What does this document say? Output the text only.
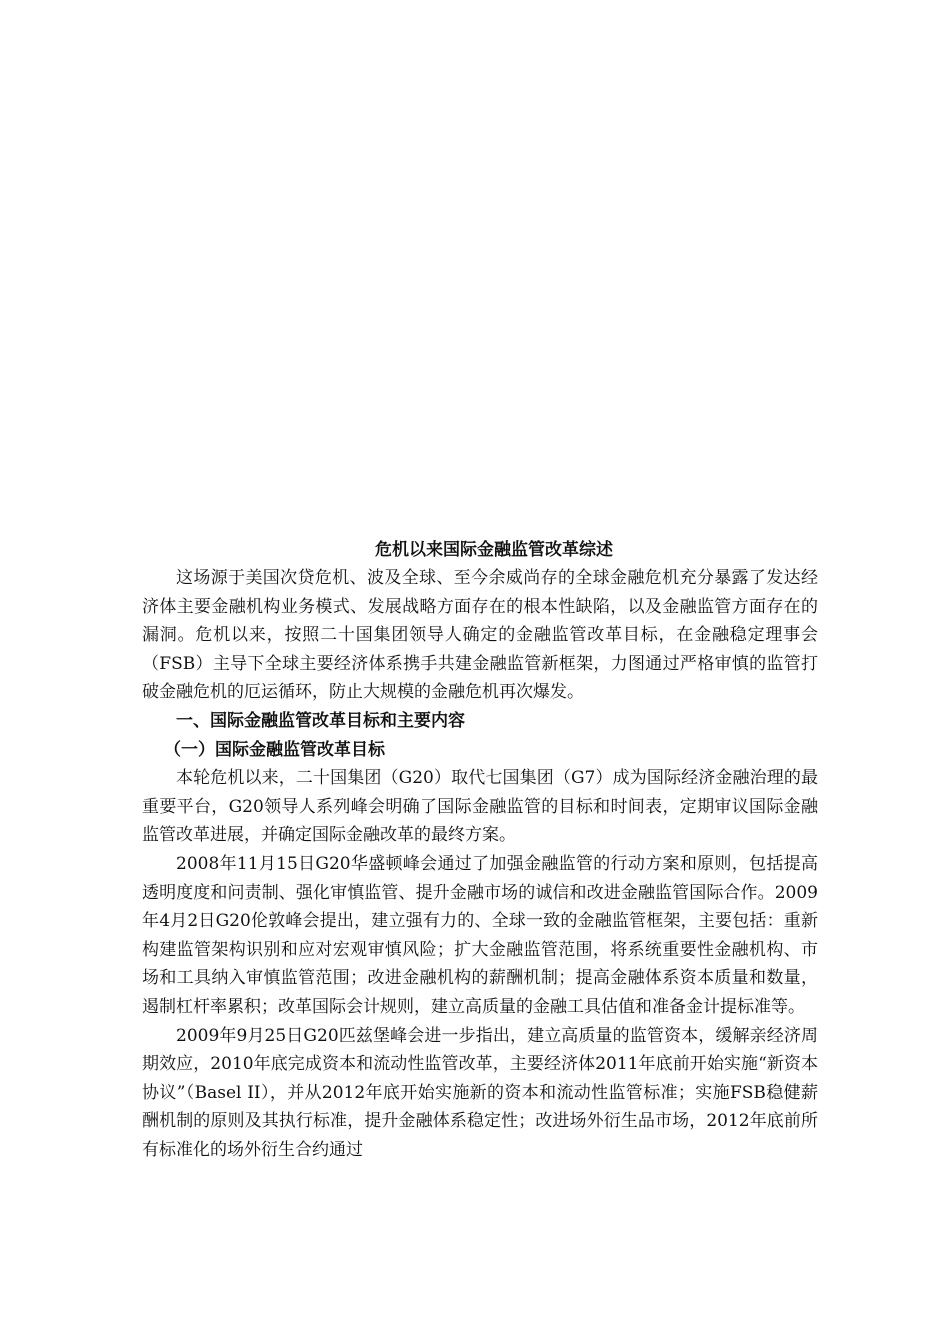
危机以来国际金融监管改革综述

这场源于美国次贷危机、波及全球、至今余威尚存的全球金融危机充分暴露了发达经济体主要金融机构业务模式、发展战略方面存在的根本性缺陷，以及金融监管方面存在的漏洞。危机以来，按照二十国集团领导人确定的金融监管改革目标，在金融稳定理事会（FSB）主导下全球主要经济体系携手共建金融监管新框架，力图通过严格审慎的监管打破金融危机的厄运循环，防止大规模的金融危机再次爆发。

一、国际金融监管改革目标和主要内容

（一）国际金融监管改革目标

本轮危机以来，二十国集团（G20）取代七国集团（G7）成为国际经济金融治理的最重要平台，G20领导人系列峰会明确了国际金融监管的目标和时间表，定期审议国际金融监管改革进展，并确定国际金融改革的最终方案。

2008年11月15日G20华盛顿峰会通过了加强金融监管的行动方案和原则，包括提高透明度度和问责制、强化审慎监管、提升金融市场的诚信和改进金融监管国际合作。2009年4月2日G20伦敦峰会提出，建立强有力的、全球一致的金融监管框架，主要包括：重新构建监管架构识别和应对宏观审慎风险；扩大金融监管范围，将系统重要性金融机构、市场和工具纳入审慎监管范围；改进金融机构的薪酬机制；提高金融体系资本质量和数量，遏制杠杆率累积；改革国际会计规则，建立高质量的金融工具估值和准备金计提标准等。

2009年9月25日G20匹兹堡峰会进一步指出，建立高质量的监管资本，缓解亲经济周期效应，2010年底完成资本和流动性监管改革，主要经济体2011年底前开始实施“新资本协议”（Basel II），并从2012年底开始实施新的资本和流动性监管标准；实施FSB稳健薪酬机制的原则及其执行标准，提升金融体系稳定性；改进场外衍生品市场，2012年底前所有标准化的场外衍生合约通过
